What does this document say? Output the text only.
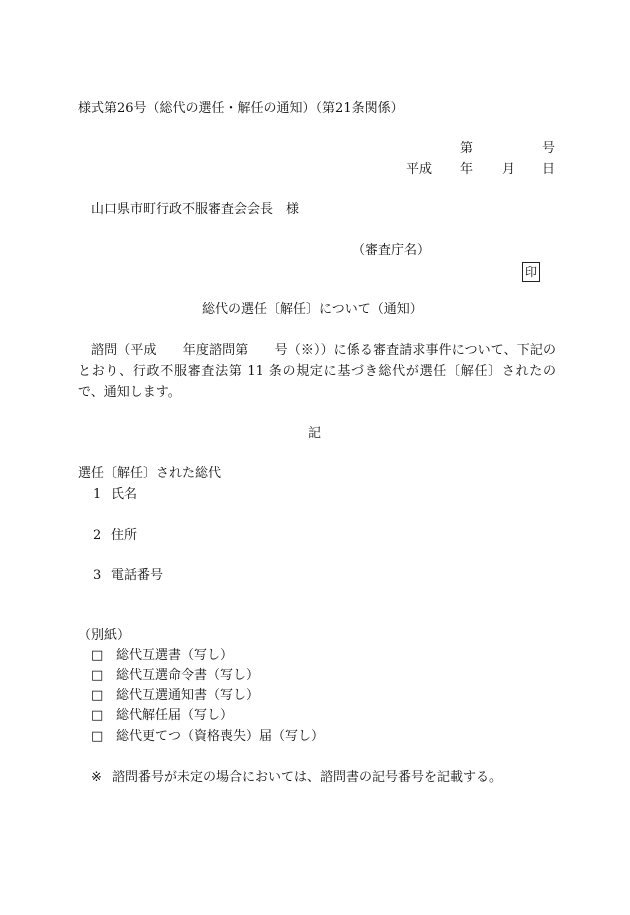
様式第26号（総代の選任・解任の通知）（第21条関係）
第	号
平成 年 月 日
山口県市町行政不服審査会会長　様
（審査庁名）
印
総代の選任〔解任〕について（通知）
諮問（平成　　年度諮問第　　号（※））に係る審査請求事件について、下記のとおり、行政不服審査法第 11 条の規定に基づき総代が選任〔解任〕されたので、通知します。
記
選任〔解任〕された総代
1 氏名
2 住所
3 電話番号
（別紙）
□ 総代互選書（写し）
□ 総代互選命令書（写し）
□ 総代互選通知書（写し）
□ 総代解任届（写し）
□ 総代更てつ（資格喪失）届（写し）
※ 諮問番号が未定の場合においては、諮問書の記号番号を記載する。
